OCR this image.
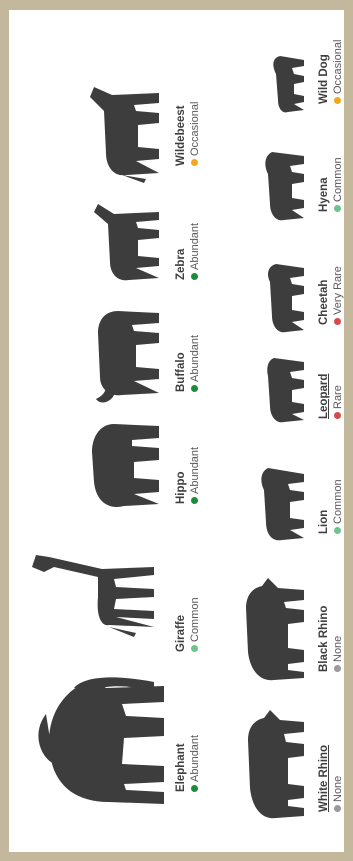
Elephant Abundant
Giraffe Common
Hippo Abundant
Buffalo Abundant
Zebra Abundant
Wildebeest Occasional
White Rhino None
Black Rhino None
Lion Common
Leopard Rare
Cheetah Very Rare
Hyena Common
Wild Dog Occasional
